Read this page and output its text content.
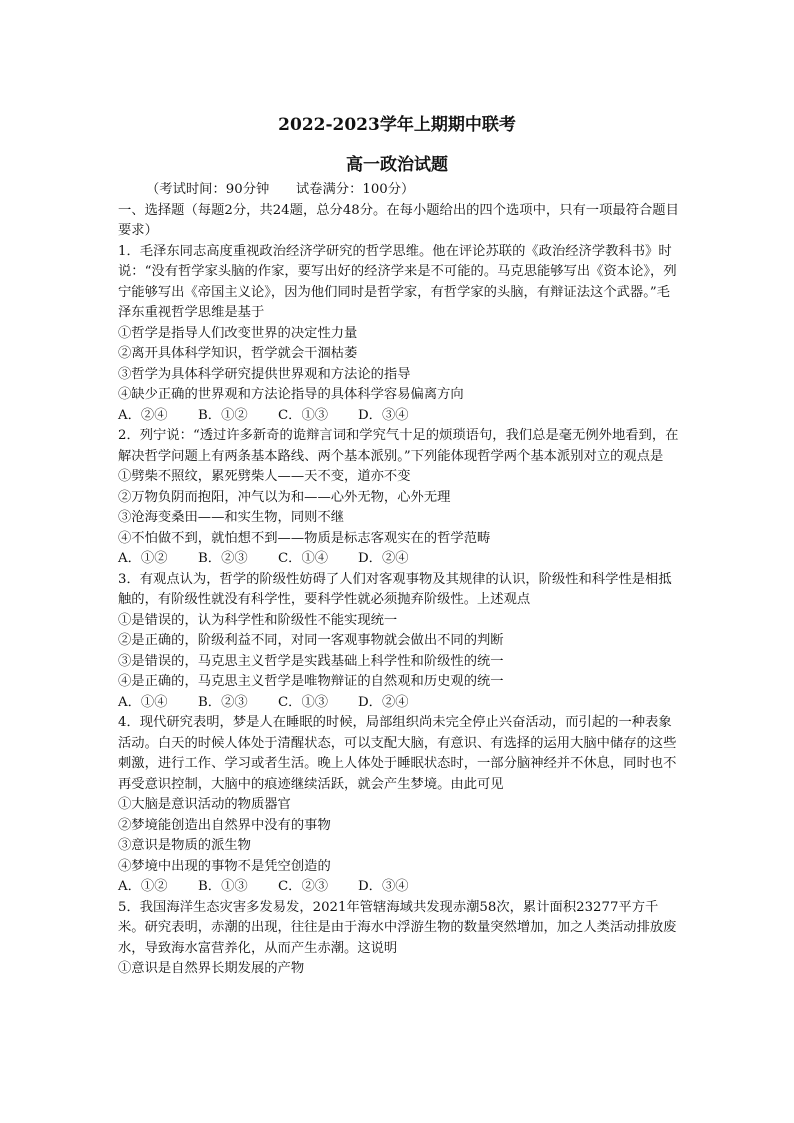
2022-2023学年上期期中联考
高一政治试题

（考试时间：90分钟　　试卷满分：100分）

一、选择题（每题2分，共24题，总分48分。在每小题给出的四个选项中，只有一项最符合题目要求）

1．毛泽东同志高度重视政治经济学研究的哲学思维。他在评论苏联的《政治经济学教科书》时说：“没有哲学家头脑的作家，要写出好的经济学来是不可能的。马克思能够写出《资本论》，列宁能够写出《帝国主义论》，因为他们同时是哲学家，有哲学家的头脑，有辩证法这个武器。”毛泽东重视哲学思维是基于

①哲学是指导人们改变世界的决定性力量

②离开具体科学知识，哲学就会干涸枯萎

③哲学为具体科学研究提供世界观和方法论的指导

④缺少正确的世界观和方法论指导的具体科学容易偏离方向

A．②④ B．①② C．①③ D．③④

2．列宁说：“透过许多新奇的诡辩言词和学究气十足的烦琐语句，我们总是毫无例外地看到，在解决哲学问题上有两条基本路线、两个基本派别。”下列能体现哲学两个基本派别对立的观点是

①劈柴不照纹，累死劈柴人——天不变，道亦不变

②万物负阴而抱阳，冲气以为和——心外无物，心外无理

③沧海变桑田——和实生物，同则不继

④不怕做不到，就怕想不到——物质是标志客观实在的哲学范畴

A．①② B．②③ C．①④ D．②④

3．有观点认为，哲学的阶级性妨碍了人们对客观事物及其规律的认识，阶级性和科学性是相抵触的，有阶级性就没有科学性，要科学性就必须抛弃阶级性。上述观点

①是错误的，认为科学性和阶级性不能实现统一

②是正确的，阶级利益不同，对同一客观事物就会做出不同的判断

③是错误的，马克思主义哲学是实践基础上科学性和阶级性的统一

④是正确的，马克思主义哲学是唯物辩证的自然观和历史观的统一

A．①④ B．②③ C．①③ D．②④

4．现代研究表明，梦是人在睡眠的时候，局部组织尚未完全停止兴奋活动，而引起的一种表象活动。白天的时候人体处于清醒状态，可以支配大脑，有意识、有选择的运用大脑中储存的这些刺激，进行工作、学习或者生活。晚上人体处于睡眠状态时，一部分脑神经并不休息，同时也不再受意识控制，大脑中的痕迹继续活跃，就会产生梦境。由此可见

①大脑是意识活动的物质器官

②梦境能创造出自然界中没有的事物

③意识是物质的派生物

④梦境中出现的事物不是凭空创造的

A．①② B．①③ C．②③ D．③④

5．我国海洋生态灾害多发易发，2021年管辖海域共发现赤潮58次，累计面积23277平方千米。研究表明，赤潮的出现，往往是由于海水中浮游生物的数量突然增加，加之人类活动排放废水，导致海水富营养化，从而产生赤潮。这说明

①意识是自然界长期发展的产物
